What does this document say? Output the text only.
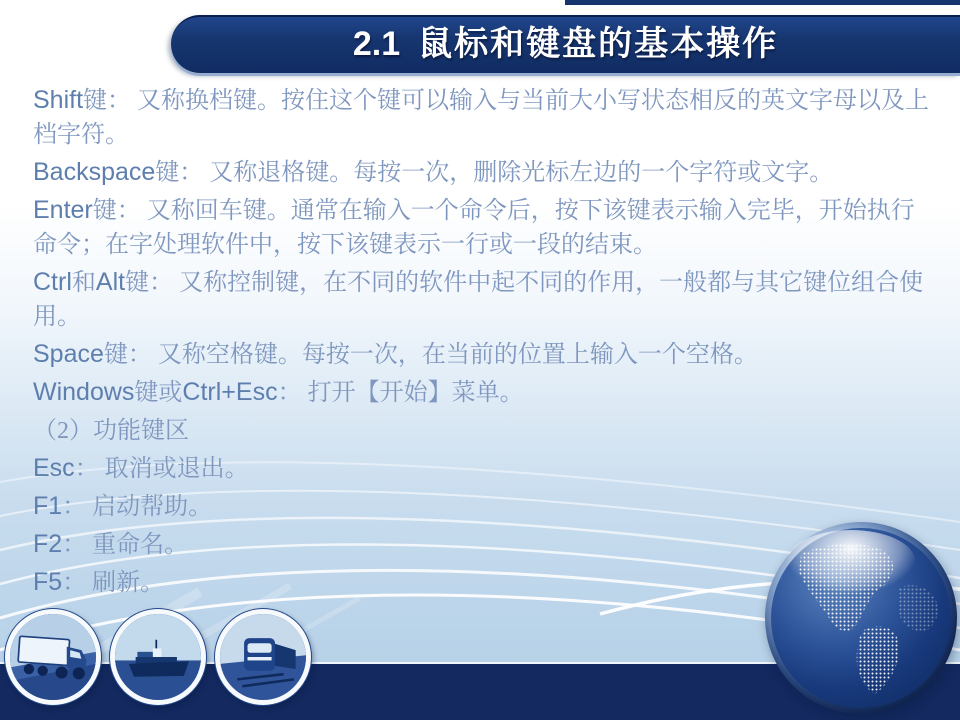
2.1 鼠标和键盘的基本操作

Shift键： 又称换档键。按住这个键可以输入与当前大小写状态相反的英文字母以及上档字符。

Backspace键： 又称退格键。每按一次，删除光标左边的一个字符或文字。

Enter键： 又称回车键。通常在输入一个命令后，按下该键表示输入完毕，开始执行命令；在字处理软件中，按下该键表示一行或一段的结束。

Ctrl和Alt键： 又称控制键，在不同的软件中起不同的作用，一般都与其它键位组合使用。

Space键： 又称空格键。每按一次，在当前的位置上输入一个空格。

Windows键或Ctrl+Esc： 打开【开始】菜单。

（2）功能键区

Esc： 取消或退出。

F1： 启动帮助。

F2： 重命名。

F5： 刷新。
